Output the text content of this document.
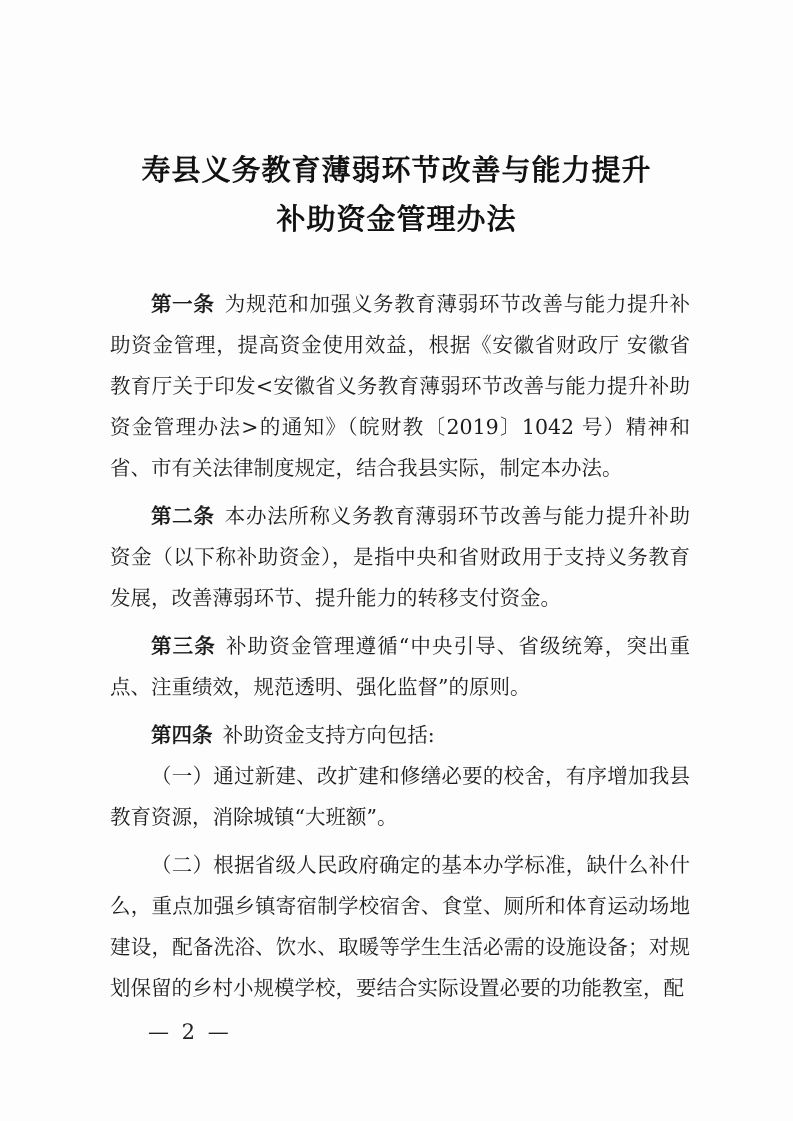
寿县义务教育薄弱环节改善与能力提升
补助资金管理办法

第一条 为规范和加强义务教育薄弱环节改善与能力提升补助资金管理，提高资金使用效益，根据《安徽省财政厅 安徽省教育厅关于印发<安徽省义务教育薄弱环节改善与能力提升补助资金管理办法>的通知》（皖财教〔2019〕1042 号）精神和省、市有关法律制度规定，结合我县实际，制定本办法。

第二条 本办法所称义务教育薄弱环节改善与能力提升补助资金（以下称补助资金），是指中央和省财政用于支持义务教育发展，改善薄弱环节、提升能力的转移支付资金。

第三条 补助资金管理遵循“中央引导、省级统筹，突出重点、注重绩效，规范透明、强化监督”的原则。

第四条 补助资金支持方向包括:

（一）通过新建、改扩建和修缮必要的校舍，有序增加我县教育资源，消除城镇“大班额”。

（二）根据省级人民政府确定的基本办学标准，缺什么补什么，重点加强乡镇寄宿制学校宿舍、食堂、厕所和体育运动场地建设，配备洗浴、饮水、取暖等学生生活必需的设施设备；对规划保留的乡村小规模学校，要结合实际设置必要的功能教室，配

— 2 —
